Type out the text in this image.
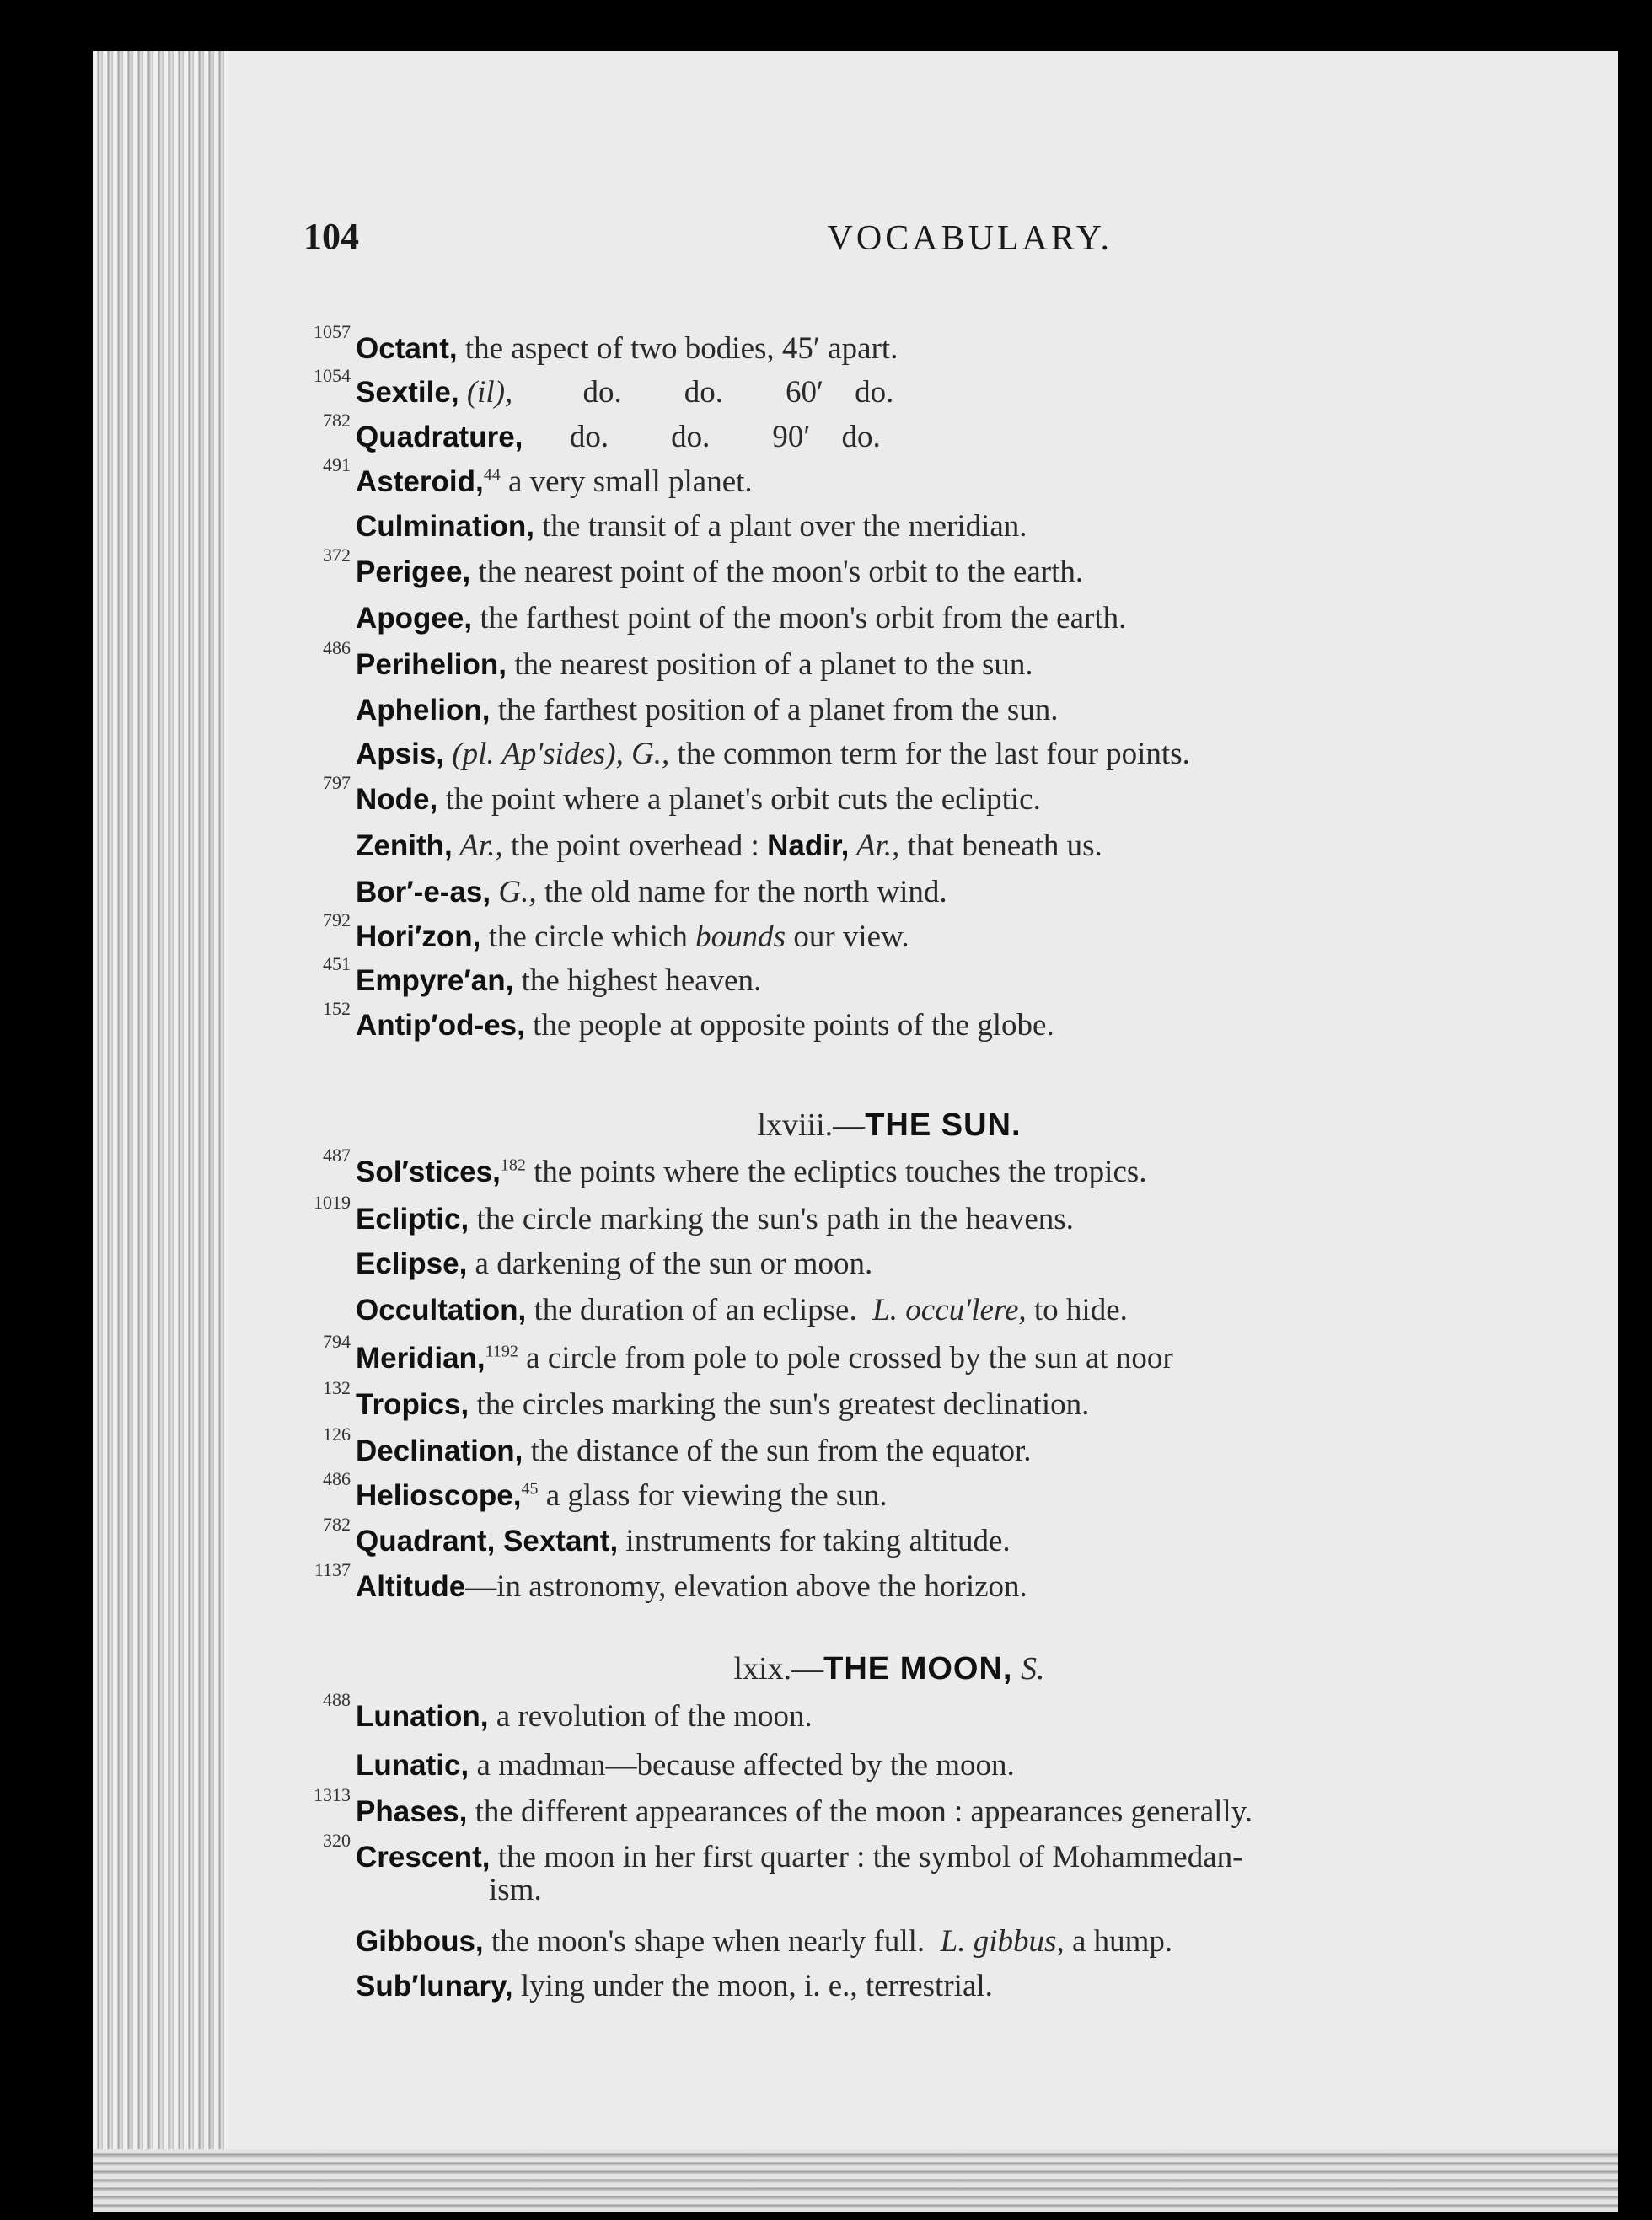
104	VOCABULARY.
1057
Octant, the aspect of two bodies, 45′ apart.
1054
Sextile, (il),         do.        do.        60′    do.
782
Quadrature,      do.        do.        90′    do.
491
Asteroid,$^{44}$ a very small planet.
Culmination, the transit of a plant over the meridian.
372
Perigee, the nearest point of the moon's orbit to the earth.
Apogee, the farthest point of the moon's orbit from the earth.
486
Perihelion, the nearest position of a planet to the sun.
Aphelion, the farthest position of a planet from the sun.
Apsis, (pl. Ap'sides), G., the common term for the last four points.
797
Node, the point where a planet's orbit cuts the ecliptic.
Zenith, Ar., the point overhead : Nadir, Ar., that beneath us.
Bor′-e-as, G., the old name for the north wind.
792
Hori′zon, the circle which bounds our view.
451
Empyre′an, the highest heaven.
152
Antip′od-es, the people at opposite points of the globe.
lxviii.—THE SUN.
487
Sol′stices,$^{182}$ the points where the ecliptics touches the tropics.
1019
Ecliptic, the circle marking the sun's path in the heavens.
Eclipse, a darkening of the sun or moon.
Occultation, the duration of an eclipse.  L. occu′lere, to hide.
794
Meridian,$^{1192}$ a circle from pole to pole crossed by the sun at noor
132
Tropics, the circles marking the sun's greatest declination.
126
Declination, the distance of the sun from the equator.
486
Helioscope,$^{45}$ a glass for viewing the sun.
782
Quadrant, Sextant, instruments for taking altitude.
1137
Altitude—in astronomy, elevation above the horizon.
lxix.—THE MOON, S.
488
Lunation, a revolution of the moon.
Lunatic, a madman—because affected by the moon.
1313
Phases, the different appearances of the moon : appearances generally.
320
Crescent, the moon in her first quarter : the symbol of Mohammedan-
ism.
Gibbous, the moon's shape when nearly full.  L. gibbus, a hump.
Sub′lunary, lying under the moon, i. e., terrestrial.
